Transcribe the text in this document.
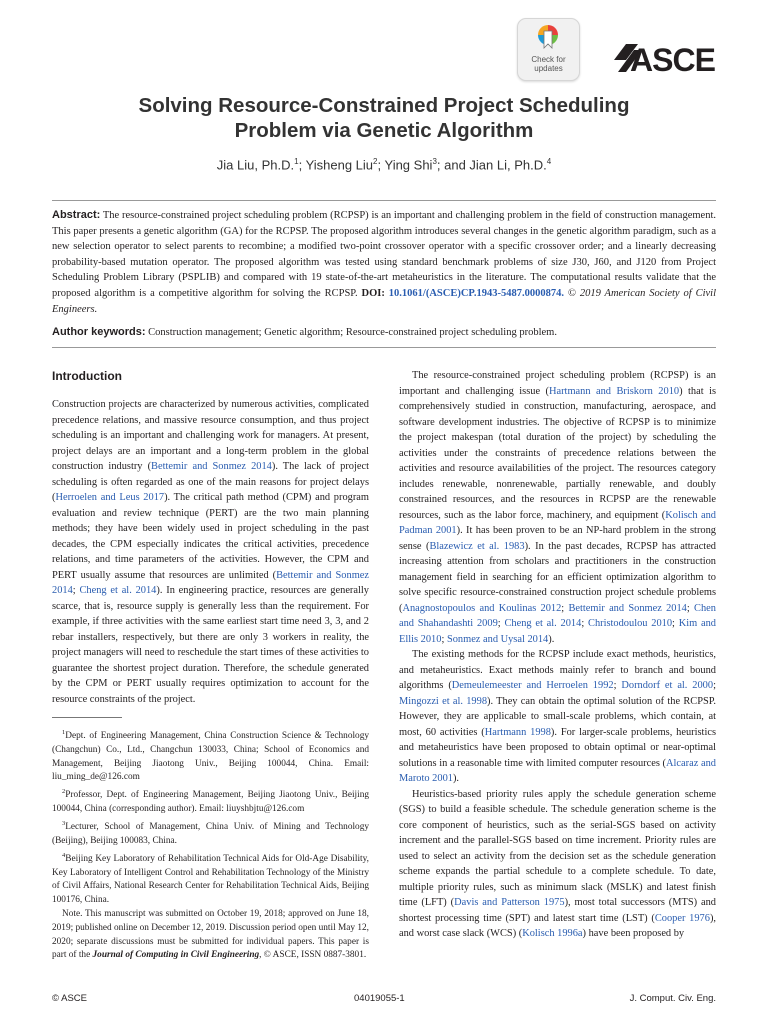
Check for
updates	ASCE
Solving Resource-Constrained Project Scheduling
Problem via Genetic Algorithm
Jia Liu, Ph.D.$^1$; Yisheng Liu$^2$; Ying Shi$^3$; and Jian Li, Ph.D.$^4$
Abstract: The resource-constrained project scheduling problem (RCPSP) is an important and challenging problem in the field of construction management. This paper presents a genetic algorithm (GA) for the RCPSP. The proposed algorithm introduces several changes in the genetic algorithm paradigm, such as a new selection operator to select parents to recombine; a modified two-point crossover operator with a specific crossover order; and a linearly decreasing probability-based mutation operator. The proposed algorithm was tested using standard benchmark problems of size J30, J60, and J120 from Project Scheduling Problem Library (PSPLIB) and compared with 19 state-of-the-art metaheuristics in the literature. The computational results validate that the proposed algorithm is a competitive algorithm for solving the RCPSP. DOI: 10.1061/(ASCE)CP.1943-5487.0000874. © 2019 American Society of Civil Engineers.
Author keywords: Construction management; Genetic algorithm; Resource-constrained project scheduling problem.
Introduction

Construction projects are characterized by numerous activities, complicated precedence relations, and massive resource consumption, and thus project scheduling is an important and challenging work for managers. At present, project delays are an important and a long-term problem in the global construction industry (Bettemir and Sonmez 2014). The lack of project scheduling is often regarded as one of the main reasons for project delays (Herroelen and Leus 2017). The critical path method (CPM) and program evaluation and review technique (PERT) are the two main planning methods; they have been widely used in project scheduling in the past decades, the CPM especially indicates the critical activities, precedence relations, and time parameters of the activities. However, the CPM and PERT usually assume that resources are unlimited (Bettemir and Sonmez 2014; Cheng et al. 2014). In engineering practice, resources are generally scarce, that is, resource supply is generally less than the requirement. For example, if three activities with the same earliest start time need 3, 3, and 2 rebar installers, respectively, but there are only 3 workers in reality, the project managers will need to reschedule the start times of these activities to guarantee the shortest project duration. Therefore, the schedule generated by the CPM or PERT usually requires optimization to account for the resource constraints of the project.

$^1$Dept. of Engineering Management, China Construction Science & Technology (Changchun) Co., Ltd., Changchun 130033, China; School of Economics and Management, Beijing Jiaotong Univ., Beijing 100044, China. Email: liu_ming_de@126.com

$^2$Professor, Dept. of Engineering Management, Beijing Jiaotong Univ., Beijing 100044, China (corresponding author). Email: liuyshbjtu@126.com

$^3$Lecturer, School of Management, China Univ. of Mining and Technology (Beijing), Beijing 100083, China.

$^4$Beijing Key Laboratory of Rehabilitation Technical Aids for Old-Age Disability, Key Laboratory of Intelligent Control and Rehabilitation Technology of the Ministry of Civil Affairs, National Research Center for Rehabilitation Technical Aids, Beijing 100176, China.

Note. This manuscript was submitted on October 19, 2018; approved on June 18, 2019; published online on December 12, 2019. Discussion period open until May 12, 2020; separate discussions must be submitted for individual papers. This paper is part of the Journal of Computing in Civil Engineering, © ASCE, ISSN 0887-3801.

The resource-constrained project scheduling problem (RCPSP) is an important and challenging issue (Hartmann and Briskorn 2010) that is comprehensively studied in construction, manufacturing, aerospace, and software development industries. The objective of RCPSP is to minimize the project makespan (total duration of the project) by scheduling the activities under the constraints of precedence relations between the activities and resource availabilities of the project. The resources category includes renewable, nonrenewable, partially renewable, and doubly constrained resources, and the resources in RCPSP are the renewable resources, such as the labor force, machinery, and equipment (Kolisch and Padman 2001). It has been proven to be an NP-hard problem in the strong sense (Blazewicz et al. 1983). In the past decades, RCPSP has attracted increasing attention from scholars and practitioners in the construction management field in searching for an efficient optimization algorithm to solve specific resource-constrained construction project schedule problems (Anagnostopoulos and Koulinas 2012; Bettemir and Sonmez 2014; Chen and Shahandashti 2009; Cheng et al. 2014; Christodoulou 2010; Kim and Ellis 2010; Sonmez and Uysal 2014).

The existing methods for the RCPSP include exact methods, heuristics, and metaheuristics. Exact methods mainly refer to branch and bound algorithms (Demeulemeester and Herroelen 1992; Dorndorf et al. 2000; Mingozzi et al. 1998). They can obtain the optimal solution of the RCPSP. However, they are applicable to small-scale problems, which contain, at most, 60 activities (Hartmann 1998). For larger-scale problems, heuristics and metaheuristics have been proposed to obtain optimal or near-optimal solutions in a reasonable time with limited computer resources (Alcaraz and Maroto 2001).

Heuristics-based priority rules apply the schedule generation scheme (SGS) to build a feasible schedule. The schedule generation scheme is the core component of heuristics, such as the serial-SGS based on activity increment and the parallel-SGS based on time increment. Priority rules are used to select an activity from the decision set as the schedule generation scheme expands the partial schedule to a complete schedule. To date, multiple priority rules, such as minimum slack (MSLK) and latest finish time (LFT) (Davis and Patterson 1975), most total successors (MTS) and shortest processing time (SPT) and latest start time (LST) (Cooper 1976), and worst case slack (WCS) (Kolisch 1996a) have been proposed by

© ASCE	04019055-1	J. Comput. Civ. Eng.
